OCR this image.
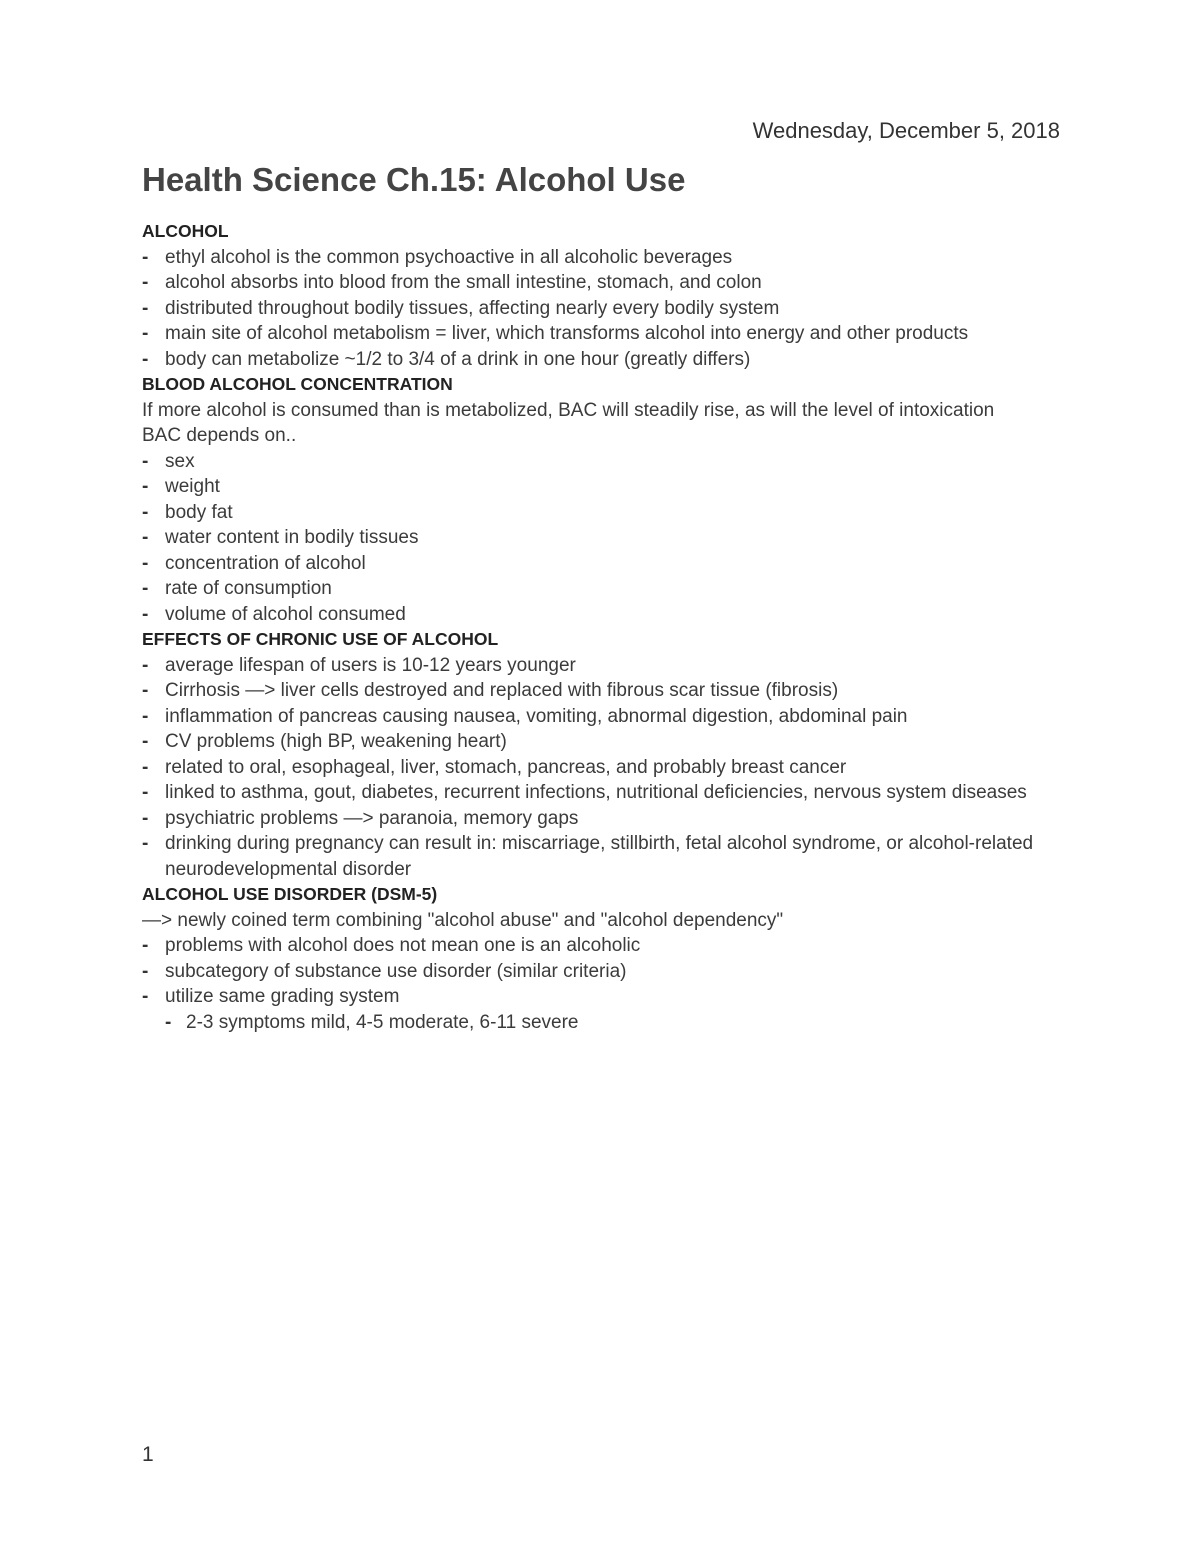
Wednesday, December 5, 2018
Health Science Ch.15: Alcohol Use
ALCOHOL
- ethyl alcohol is the common psychoactive in all alcoholic beverages
- alcohol absorbs into blood from the small intestine, stomach, and colon
- distributed throughout bodily tissues, affecting nearly every bodily system
- main site of alcohol metabolism = liver, which transforms alcohol into energy and other products
- body can metabolize ~1/2 to 3/4 of a drink in one hour (greatly differs)
BLOOD ALCOHOL CONCENTRATION
If more alcohol is consumed than is metabolized, BAC will steadily rise, as will the level of intoxication
BAC depends on..
- sex
- weight
- body fat
- water content in bodily tissues
- concentration of alcohol
- rate of consumption
- volume of alcohol consumed
EFFECTS OF CHRONIC USE OF ALCOHOL
- average lifespan of users is 10-12 years younger
- Cirrhosis —> liver cells destroyed and replaced with fibrous scar tissue (fibrosis)
- inflammation of pancreas causing nausea, vomiting, abnormal digestion, abdominal pain
- CV problems (high BP, weakening heart)
- related to oral, esophageal, liver, stomach, pancreas, and probably breast cancer
- linked to asthma, gout, diabetes, recurrent infections, nutritional deficiencies, nervous system diseases
- psychiatric problems —> paranoia, memory gaps
- drinking during pregnancy can result in: miscarriage, stillbirth, fetal alcohol syndrome, or alcohol-related neurodevelopmental disorder
ALCOHOL USE DISORDER (DSM-5)
—> newly coined term combining "alcohol abuse" and "alcohol dependency"
- problems with alcohol does not mean one is an alcoholic
- subcategory of substance use disorder (similar criteria)
- utilize same grading system
- 2-3 symptoms mild, 4-5 moderate, 6-11 severe
1
